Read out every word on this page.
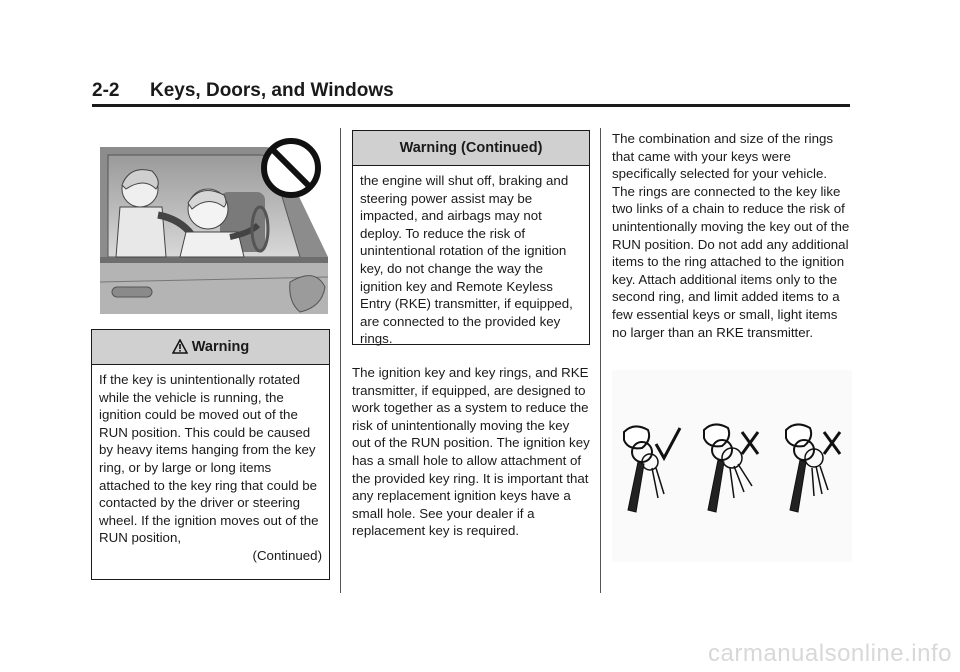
2-2 Keys, Doors, and Windows
Warning
If the key is unintentionally rotated while the vehicle is running, the ignition could be moved out of the RUN position. This could be caused by heavy items hanging from the key ring, or by large or long items attached to the key ring that could be contacted by the driver or steering wheel. If the ignition moves out of the RUN position,
(Continued)
Warning (Continued)
the engine will shut off, braking and steering power assist may be impacted, and airbags may not deploy. To reduce the risk of unintentional rotation of the ignition key, do not change the way the ignition key and Remote Keyless Entry (RKE) transmitter, if equipped, are connected to the provided key rings.
The ignition key and key rings, and RKE transmitter, if equipped, are designed to work together as a system to reduce the risk of unintentionally moving the key out of the RUN position. The ignition key has a small hole to allow attachment of the provided key ring. It is important that any replacement ignition keys have a small hole. See your dealer if a replacement key is required.
The combination and size of the rings that came with your keys were specifically selected for your vehicle. The rings are connected to the key like two links of a chain to reduce the risk of unintentionally moving the key out of the RUN position. Do not add any additional items to the ring attached to the ignition key. Attach additional items only to the second ring, and limit added items to a few essential keys or small, light items no larger than an RKE transmitter.
carmanualsonline.info
